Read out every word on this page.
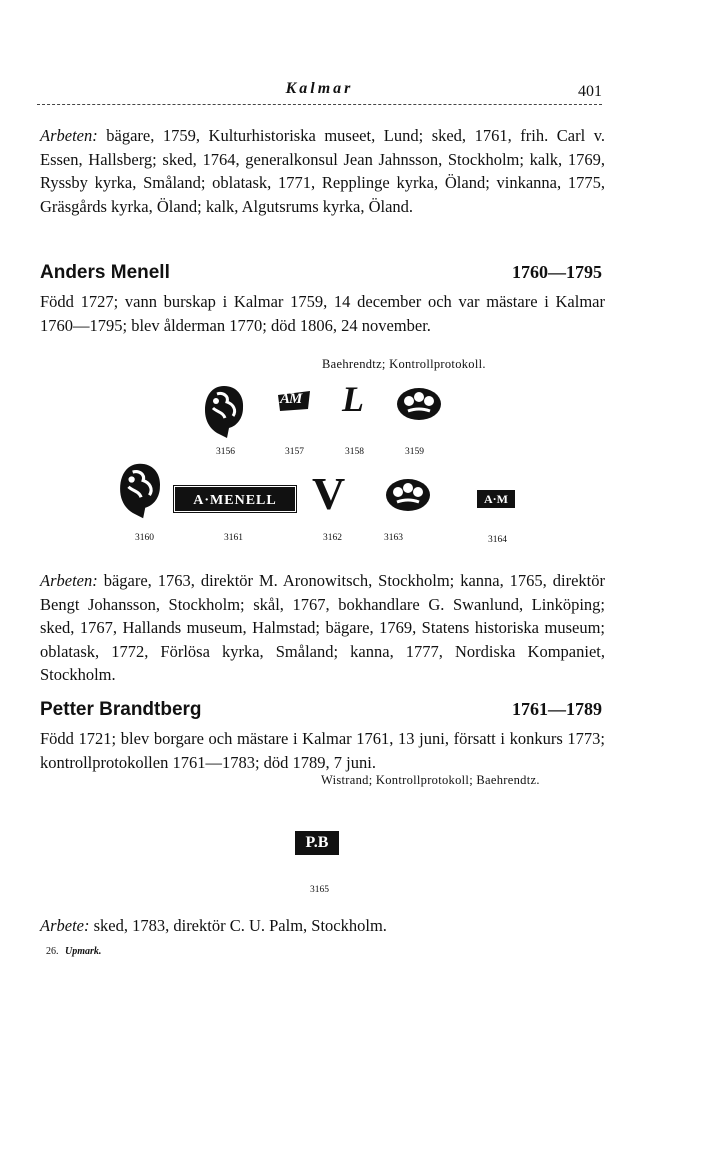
Kalmar	401
Arbeten: bägare, 1759, Kulturhistoriska museet, Lund; sked, 1761, frih. Carl v. Essen, Hallsberg; sked, 1764, generalkonsul Jean Jahnsson, Stockholm; kalk, 1769, Ryssby kyrka, Småland; oblatask, 1771, Repplinge kyrka, Öland; vinkanna, 1775, Gräsgårds kyrka, Öland; kalk, Algutsrums kyrka, Öland.
Anders Menell	1760—1795
Född 1727; vann burskap i Kalmar 1759, 14 december och var mästare i Kalmar 1760—1795; blev ålderman 1770; död 1806, 24 november.
Baehrendtz; Kontrollprotokoll.
AM L
3156	3157	3158	3159
A·MENELL V	A·M
3160	3161	3162	3163	3164
Arbeten: bägare, 1763, direktör M. Aronowitsch, Stockholm; kanna, 1765, direktör Bengt Johansson, Stockholm; skål, 1767, bokhandlare G. Swanlund, Linköping; sked, 1767, Hallands museum, Halmstad; bägare, 1769, Statens historiska museum; oblatask, 1772, Förlösa kyrka, Småland; kanna, 1777, Nordiska Kompaniet, Stockholm.
Petter Brandtberg	1761—1789
Född 1721; blev borgare och mästare i Kalmar 1761, 13 juni, försatt i konkurs 1773; kontrollprotokollen 1761—1783; död 1789, 7 juni.
Wistrand; Kontrollprotokoll; Baehrendtz.
P.B
3165
Arbete: sked, 1783, direktör C. U. Palm, Stockholm.
26. Upmark.
